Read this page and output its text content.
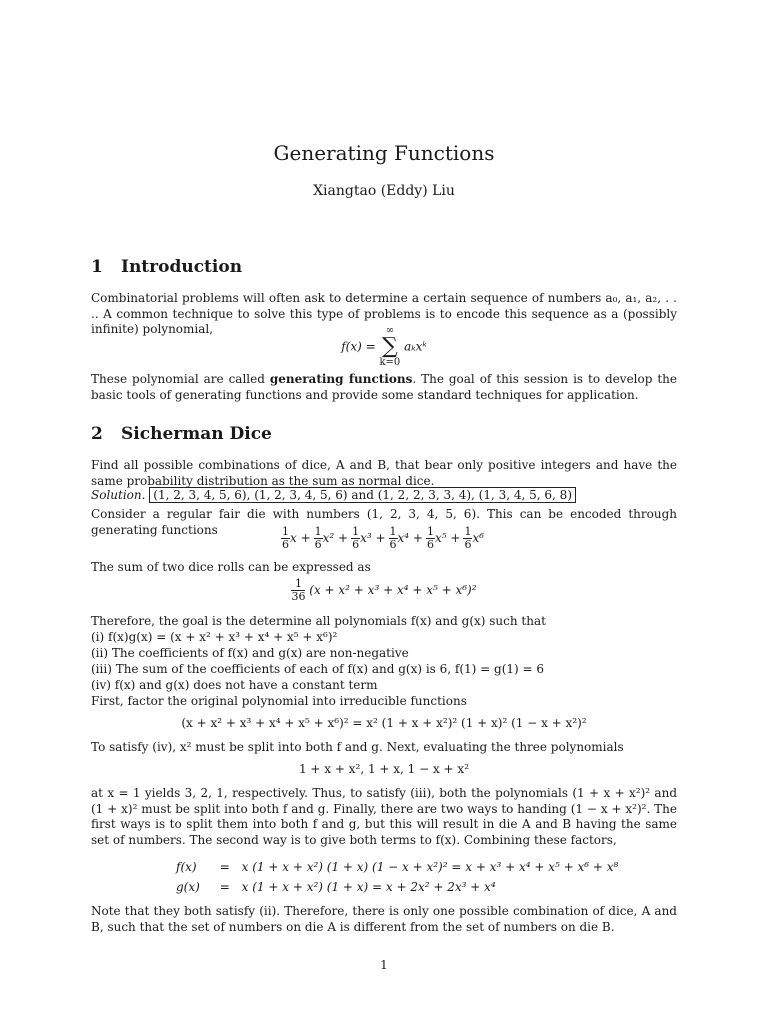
Generating Functions
Xiangtao (Eddy) Liu
1 Introduction
Combinatorial problems will often ask to determine a certain sequence of numbers a₀, a₁, a₂, . . .. A common technique to solve this type of problems is to encode this sequence as a (possibly infinite) polynomial,
f(x) = ∞
∑
k=0 aₖxᵏ
These polynomial are called generating functions. The goal of this session is to develop the basic tools of generating functions and provide some standard techniques for application.
2 Sicherman Dice
Find all possible combinations of dice, A and B, that bear only positive integers and have the same probability distribution as the sum as normal dice.
Solution. (1, 2, 3, 4, 5, 6), (1, 2, 3, 4, 5, 6) and (1, 2, 2, 3, 3, 4), (1, 3, 4, 5, 6, 8)
Consider a regular fair die with numbers (1, 2, 3, 4, 5, 6). This can be encoded through generating functions	$\frac{1}{6}$ $x + \frac{1}{6} x^2 + \frac{1}{6} x^3 + \frac{1}{6} x^4 + \frac{1}{6} x^5 + \frac{1}{6} x^6$
The sum of two dice rolls can be expressed as
$\frac{1}{36} (x + x^2 + x^3 + x^4 + x^5 + x^6)^2$
Therefore, the goal is the determine all polynomials f(x) and g(x) such that
(i) f(x)g(x) = (x + x² + x³ + x⁴ + x⁵ + x⁶)²
(ii) The coefficients of f(x) and g(x) are non-negative
(iii) The sum of the coefficients of each of f(x) and g(x) is 6, f(1) = g(1) = 6
(iv) f(x) and g(x) does not have a constant term
First, factor the original polynomial into irreducible functions
(x + x² + x³ + x⁴ + x⁵ + x⁶)² = x² (1 + x + x²)² (1 + x)² (1 − x + x²)²
To satisfy (iv), x² must be split into both f and g. Next, evaluating the three polynomials
1 + x + x², 1 + x, 1 − x + x²
at x = 1 yields 3, 2, 1, respectively. Thus, to satisfy (iii), both the polynomials (1 + x + x²)² and (1 + x)² must be split into both f and g. Finally, there are two ways to handing (1 − x + x²)². The first ways is to split them into both f and g, but this will result in die A and B having the same set of numbers. The second way is to give both terms to f(x). Combining these factors,
f(x) = x (1 + x + x²) (1 + x) (1 − x + x²)² = x + x³ + x⁴ + x⁵ + x⁶ + x⁸
g(x) = x (1 + x + x²) (1 + x) = x + 2x² + 2x³ + x⁴
Note that they both satisfy (ii). Therefore, there is only one possible combination of dice, A and B, such that the set of numbers on die A is different from the set of numbers on die B.
1
